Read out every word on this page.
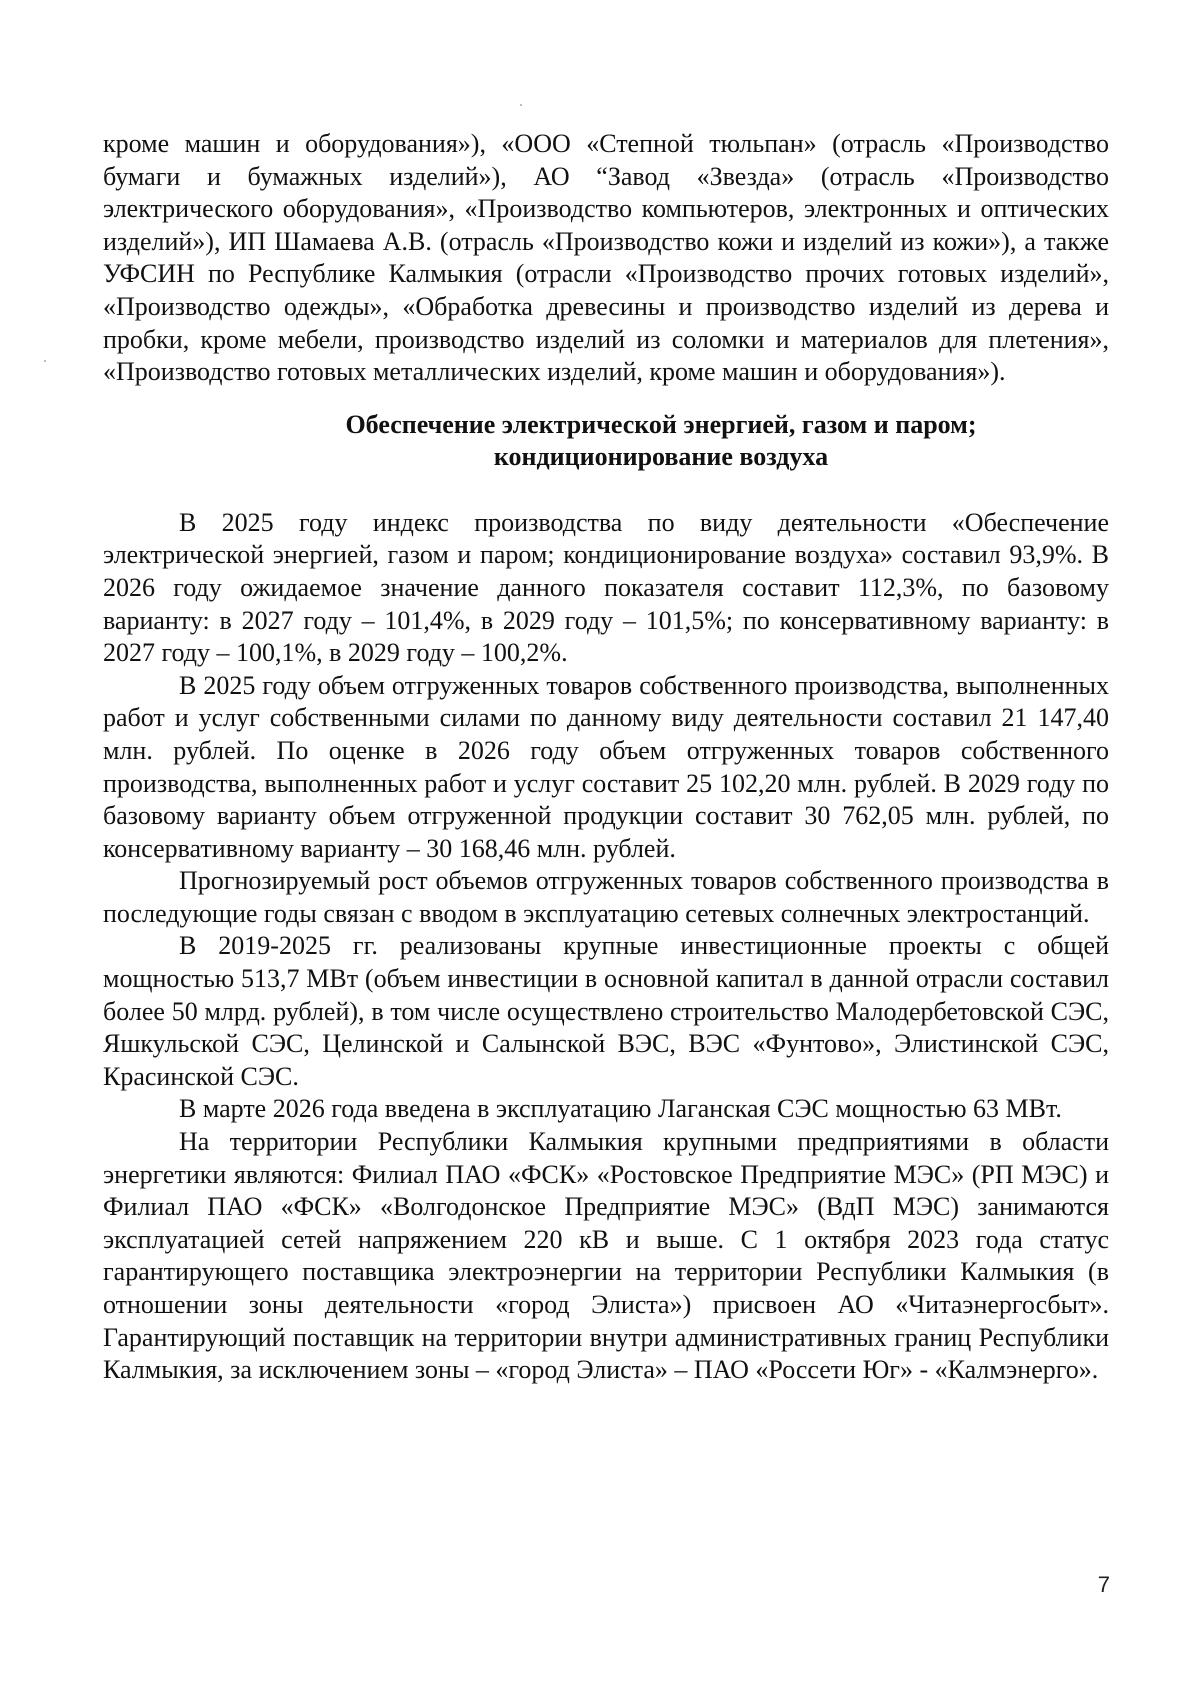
кроме машин и оборудования»), «ООО «Степной тюльпан» (отрасль «Производство бумаги и бумажных изделий»), АО “Завод «Звезда» (отрасль «Производство электрического оборудования», «Производство компьютеров, электронных и оптических изделий»), ИП Шамаева А.В. (отрасль «Производство кожи и изделий из кожи»), а также УФСИН по Республике Калмыкия (отрасли «Производство прочих готовых изделий», «Производство одежды», «Обработка древесины и производство изделий из дерева и пробки, кроме мебели, производство изделий из соломки и материалов для плетения», «Производство готовых металлических изделий, кроме машин и оборудования»).

Обеспечение электрической энергией, газом и паром;
кондиционирование воздуха

В 2025 году индекс производства по виду деятельности «Обеспечение электрической энергией, газом и паром; кондиционирование воздуха» составил 93,9%. В 2026 году ожидаемое значение данного показателя составит 112,3%, по базовому варианту: в 2027 году – 101,4%, в 2029 году – 101,5%; по консервативному варианту: в 2027 году – 100,1%, в 2029 году – 100,2%.

В 2025 году объем отгруженных товаров собственного производства, выполненных работ и услуг собственными силами по данному виду деятельности составил 21 147,40 млн. рублей. По оценке в 2026 году объем отгруженных товаров собственного производства, выполненных работ и услуг составит 25 102,20 млн. рублей. В 2029 году по базовому варианту объем отгруженной продукции составит 30 762,05 млн. рублей, по консервативному варианту – 30 168,46 млн. рублей.

Прогнозируемый рост объемов отгруженных товаров собственного производства в последующие годы связан с вводом в эксплуатацию сетевых солнечных электростанций.

В 2019-2025 гг. реализованы крупные инвестиционные проекты с общей мощностью 513,7 МВт (объем инвестиции в основной капитал в данной отрасли составил более 50 млрд. рублей), в том числе осуществлено строительство Малодербетовской СЭС, Яшкульской СЭС, Целинской и Салынской ВЭС, ВЭС «Фунтово», Элистинской СЭС, Красинской СЭС.

В марте 2026 года введена в эксплуатацию Лаганская СЭС мощностью 63 МВт.

На территории Республики Калмыкия крупными предприятиями в области энергетики являются: Филиал ПАО «ФСК» «Ростовское Предприятие МЭС» (РП МЭС) и Филиал ПАО «ФСК» «Волгодонское Предприятие МЭС» (ВдП МЭС) занимаются эксплуатацией сетей напряжением 220 кВ и выше. С 1 октября 2023 года статус гарантирующего поставщика электроэнергии на территории Республики Калмыкия (в отношении зоны деятельности «город Элиста») присвоен АО «Читаэнергосбыт». Гарантирующий поставщик на территории внутри административных границ Республики Калмыкия, за исключением зоны – «город Элиста» – ПАО «Россети Юг» - «Калмэнерго».

7
